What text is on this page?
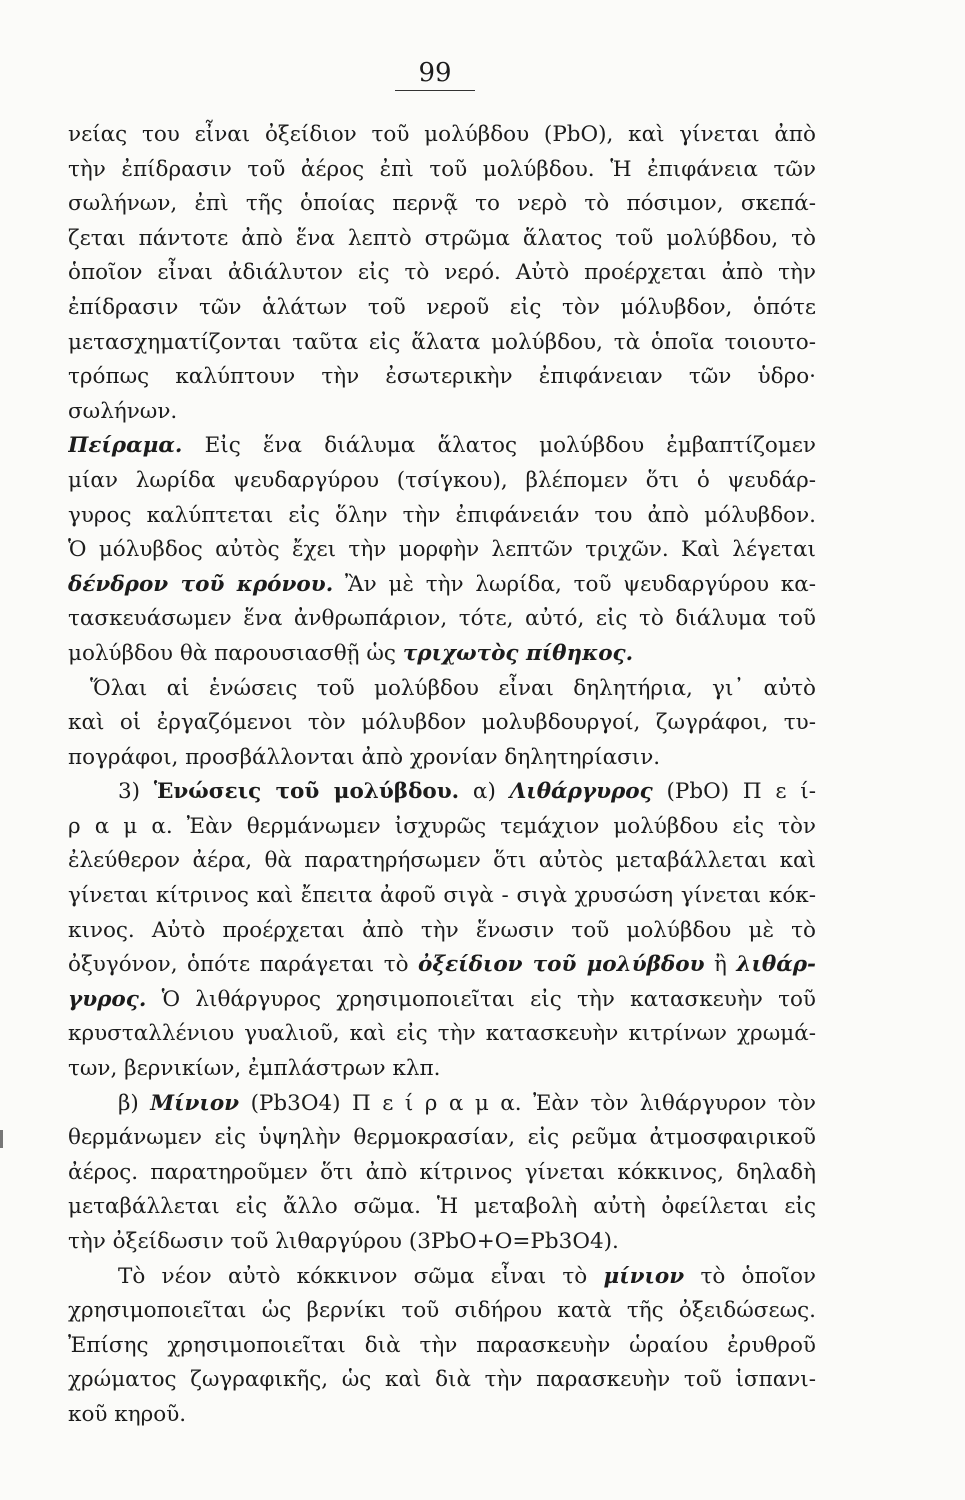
99
νείας του εἶναι ὀξείδιον τοῦ μολύβδου (PbO), καὶ γίνεται ἀπὸ
τὴν ἐπίδρασιν τοῦ ἀέρος ἐπὶ τοῦ μολύβδου. Ἡ ἐπιφάνεια τῶν
σωλήνων, ἐπὶ τῆς ὁποίας περνᾷ το νερὸ τὸ πόσιμον, σκεπά-
ζεται πάντοτε ἀπὸ ἕνα λεπτὸ στρῶμα ἅλατος τοῦ μολύβδου, τὸ
ὁποῖον εἶναι ἀδιάλυτον εἰς τὸ νερό. Αὐτὸ προέρχεται ἀπὸ τὴν
ἐπίδρασιν τῶν ἁλάτων τοῦ νεροῦ εἰς τὸν μόλυβδον, ὁπότε
μετασχηματίζονται ταῦτα εἰς ἅλατα μολύβδου, τὰ ὁποῖα τοιουτο-
τρόπως καλύπτουν τὴν ἐσωτερικὴν ἐπιφάνειαν τῶν ὑδρο·
σωλήνων.
Πείραμα. Εἰς ἕνα διάλυμα ἅλατος μολύβδου ἐμβαπτίζομεν
μίαν λωρίδα ψευδαργύρου (τσίγκου), βλέπομεν ὅτι ὁ ψευδάρ-
γυρος καλύπτεται εἰς ὅλην τὴν ἐπιφάνειάν του ἀπὸ μόλυβδον.
Ὁ μόλυβδος αὐτὸς ἔχει τὴν μορφὴν λεπτῶν τριχῶν. Καὶ λέγεται
δένδρον τοῦ κρόνου. Ἂν μὲ τὴν λωρίδα, τοῦ ψευδαργύρου κα-
τασκευάσωμεν ἕνα ἀνθρωπάριον, τότε, αὐτό, εἰς τὸ διάλυμα τοῦ
μολύβδου θὰ παρουσιασθῇ ὡς τριχωτὸς πίθηκος.
Ὅλαι αἱ ἑνώσεις τοῦ μολύβδου εἶναι δηλητήρια, γι᾽ αὐτὸ
καὶ οἱ ἐργαζόμενοι τὸν μόλυβδον μολυβδουργοί, ζωγράφοι, τυ-
πογράφοι, προσβάλλονται ἀπὸ χρονίαν δηλητηρίασιν.
3) Ἑνώσεις τοῦ μολύβδου. α) Λιθάργυρος (PbO) Π ε ί-
ρ α μ α. Ἐὰν θερμάνωμεν ἰσχυρῶς τεμάχιον μολύβδου εἰς τὸν
ἐλεύθερον ἀέρα, θὰ παρατηρήσωμεν ὅτι αὐτὸς μεταβάλλεται καὶ
γίνεται κίτρινος καὶ ἔπειτα ἀφοῦ σιγὰ - σιγὰ χρυσώση γίνεται κόκ-
κινος. Αὐτὸ προέρχεται ἀπὸ τὴν ἕνωσιν τοῦ μολύβδου μὲ τὸ
ὀξυγόνον, ὁπότε παράγεται τὸ ὀξείδιον τοῦ μολύβδου ἢ λιθάρ-
γυρος. Ὁ λιθάργυρος χρησιμοποιεῖται εἰς τὴν κατασκευὴν τοῦ
κρυσταλλένιου γυαλιοῦ, καὶ εἰς τὴν κατασκευὴν κιτρίνων χρωμά-
των, βερνικίων, ἐμπλάστρων κλπ.
β) Μίνιον (Pb3O4) Π ε ί ρ α μ α. Ἐὰν τὸν λιθάργυρον τὸν
θερμάνωμεν εἰς ὑψηλὴν θερμοκρασίαν, εἰς ρεῦμα ἀτμοσφαιρικοῦ
ἀέρος. παρατηροῦμεν ὅτι ἀπὸ κίτρινος γίνεται κόκκινος, δηλαδὴ
μεταβάλλεται εἰς ἄλλο σῶμα. Ἡ μεταβολὴ αὐτὴ ὀφείλεται εἰς
τὴν ὀξείδωσιν τοῦ λιθαργύρου (3PbO+O=Pb3O4).
Τὸ νέον αὐτὸ κόκκινον σῶμα εἶναι τὸ μίνιον τὸ ὁποῖον
χρησιμοποιεῖται ὡς βερνίκι τοῦ σιδήρου κατὰ τῆς ὀξειδώσεως.
Ἐπίσης χρησιμοποιεῖται διὰ τὴν παρασκευὴν ὡραίου ἐρυθροῦ
χρώματος ζωγραφικῆς, ὡς καὶ διὰ τὴν παρασκευὴν τοῦ ἱσπανι-
κοῦ κηροῦ.
